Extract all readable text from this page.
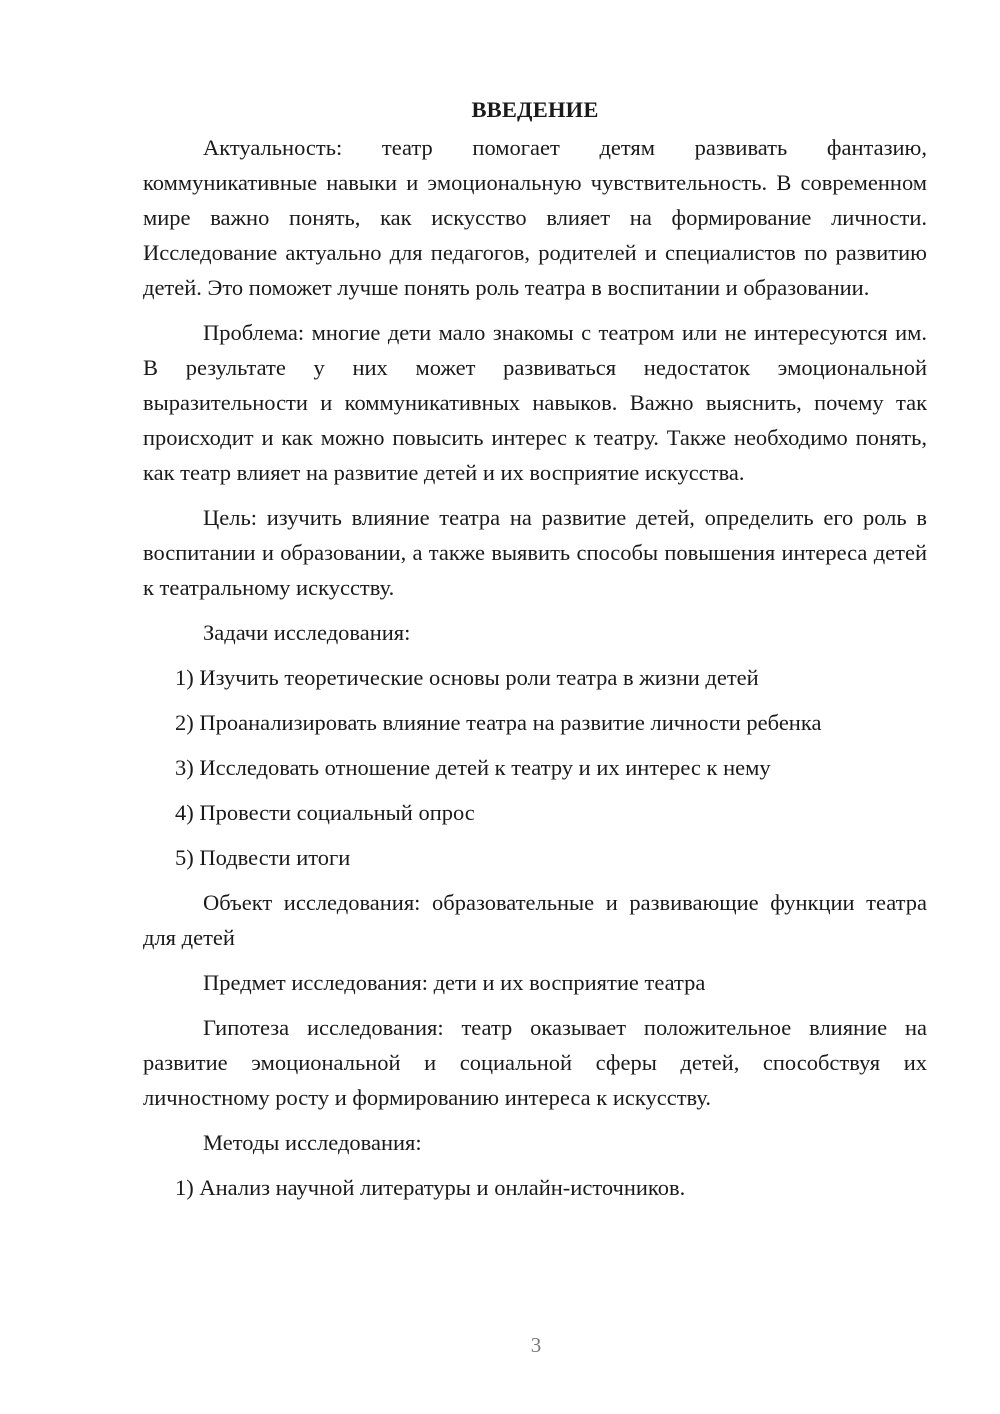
ВВЕДЕНИЕ

Актуальность: театр помогает детям развивать фантазию, коммуникативные навыки и эмоциональную чувствительность. В современном мире важно понять, как искусство влияет на формирование личности. Исследование актуально для педагогов, родителей и специалистов по развитию детей. Это поможет лучше понять роль театра в воспитании и образовании.

Проблема: многие дети мало знакомы с театром или не интересуются им. В результате у них может развиваться недостаток эмоциональной выразительности и коммуникативных навыков. Важно выяснить, почему так происходит и как можно повысить интерес к театру. Также необходимо понять, как театр влияет на развитие детей и их восприятие искусства.

Цель: изучить влияние театра на развитие детей, определить его роль в воспитании и образовании, а также выявить способы повышения интереса детей к театральному искусству.

Задачи исследования:

1) Изучить теоретические основы роли театра в жизни детей

2) Проанализировать влияние театра на развитие личности ребенка

3) Исследовать отношение детей к театру и их интерес к нему

4) Провести социальный опрос

5) Подвести итоги

Объект исследования: образовательные и развивающие функции театра для детей

Предмет исследования: дети и их восприятие театра

Гипотеза исследования: театр оказывает положительное влияние на развитие эмоциональной и социальной сферы детей, способствуя их личностному росту и формированию интереса к искусству.

Методы исследования:

1) Анализ научной литературы и онлайн-источников.

3
